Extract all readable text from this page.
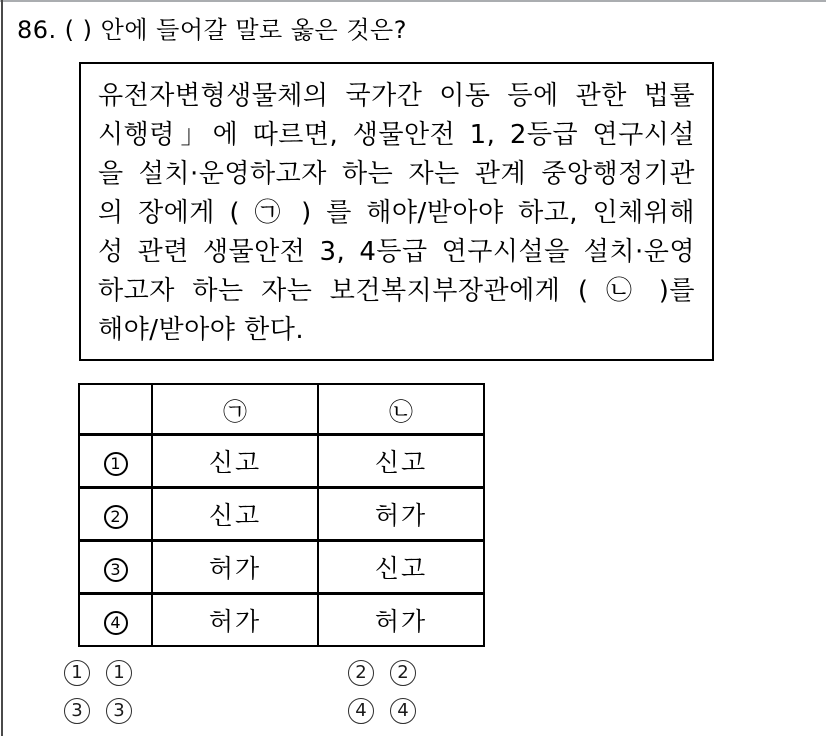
86. ( ) 안에 들어갈 말로 옳은 것은?
유전자변형생물체의 국가간 이동 등에 관한 법률
시행령」에 따르면, 생물안전 1, 2등급 연구시설
을 설치·운영하고자 하는 자는 관계 중앙행정기관
의 장에게 ( ㉠ ) 를 해야/받아야 하고, 인체위해
성 관련 생물안전 3, 4등급 연구시설을 설치·운영
하고자 하는 자는 보건복지부장관에게 ( ㉡ )를
해야/받아야 한다.
	㉠	㉡
1	신고	신고
2	신고	허가
3	허가	신고
4	허가	허가
1	1	2	2
3	3	4	4
